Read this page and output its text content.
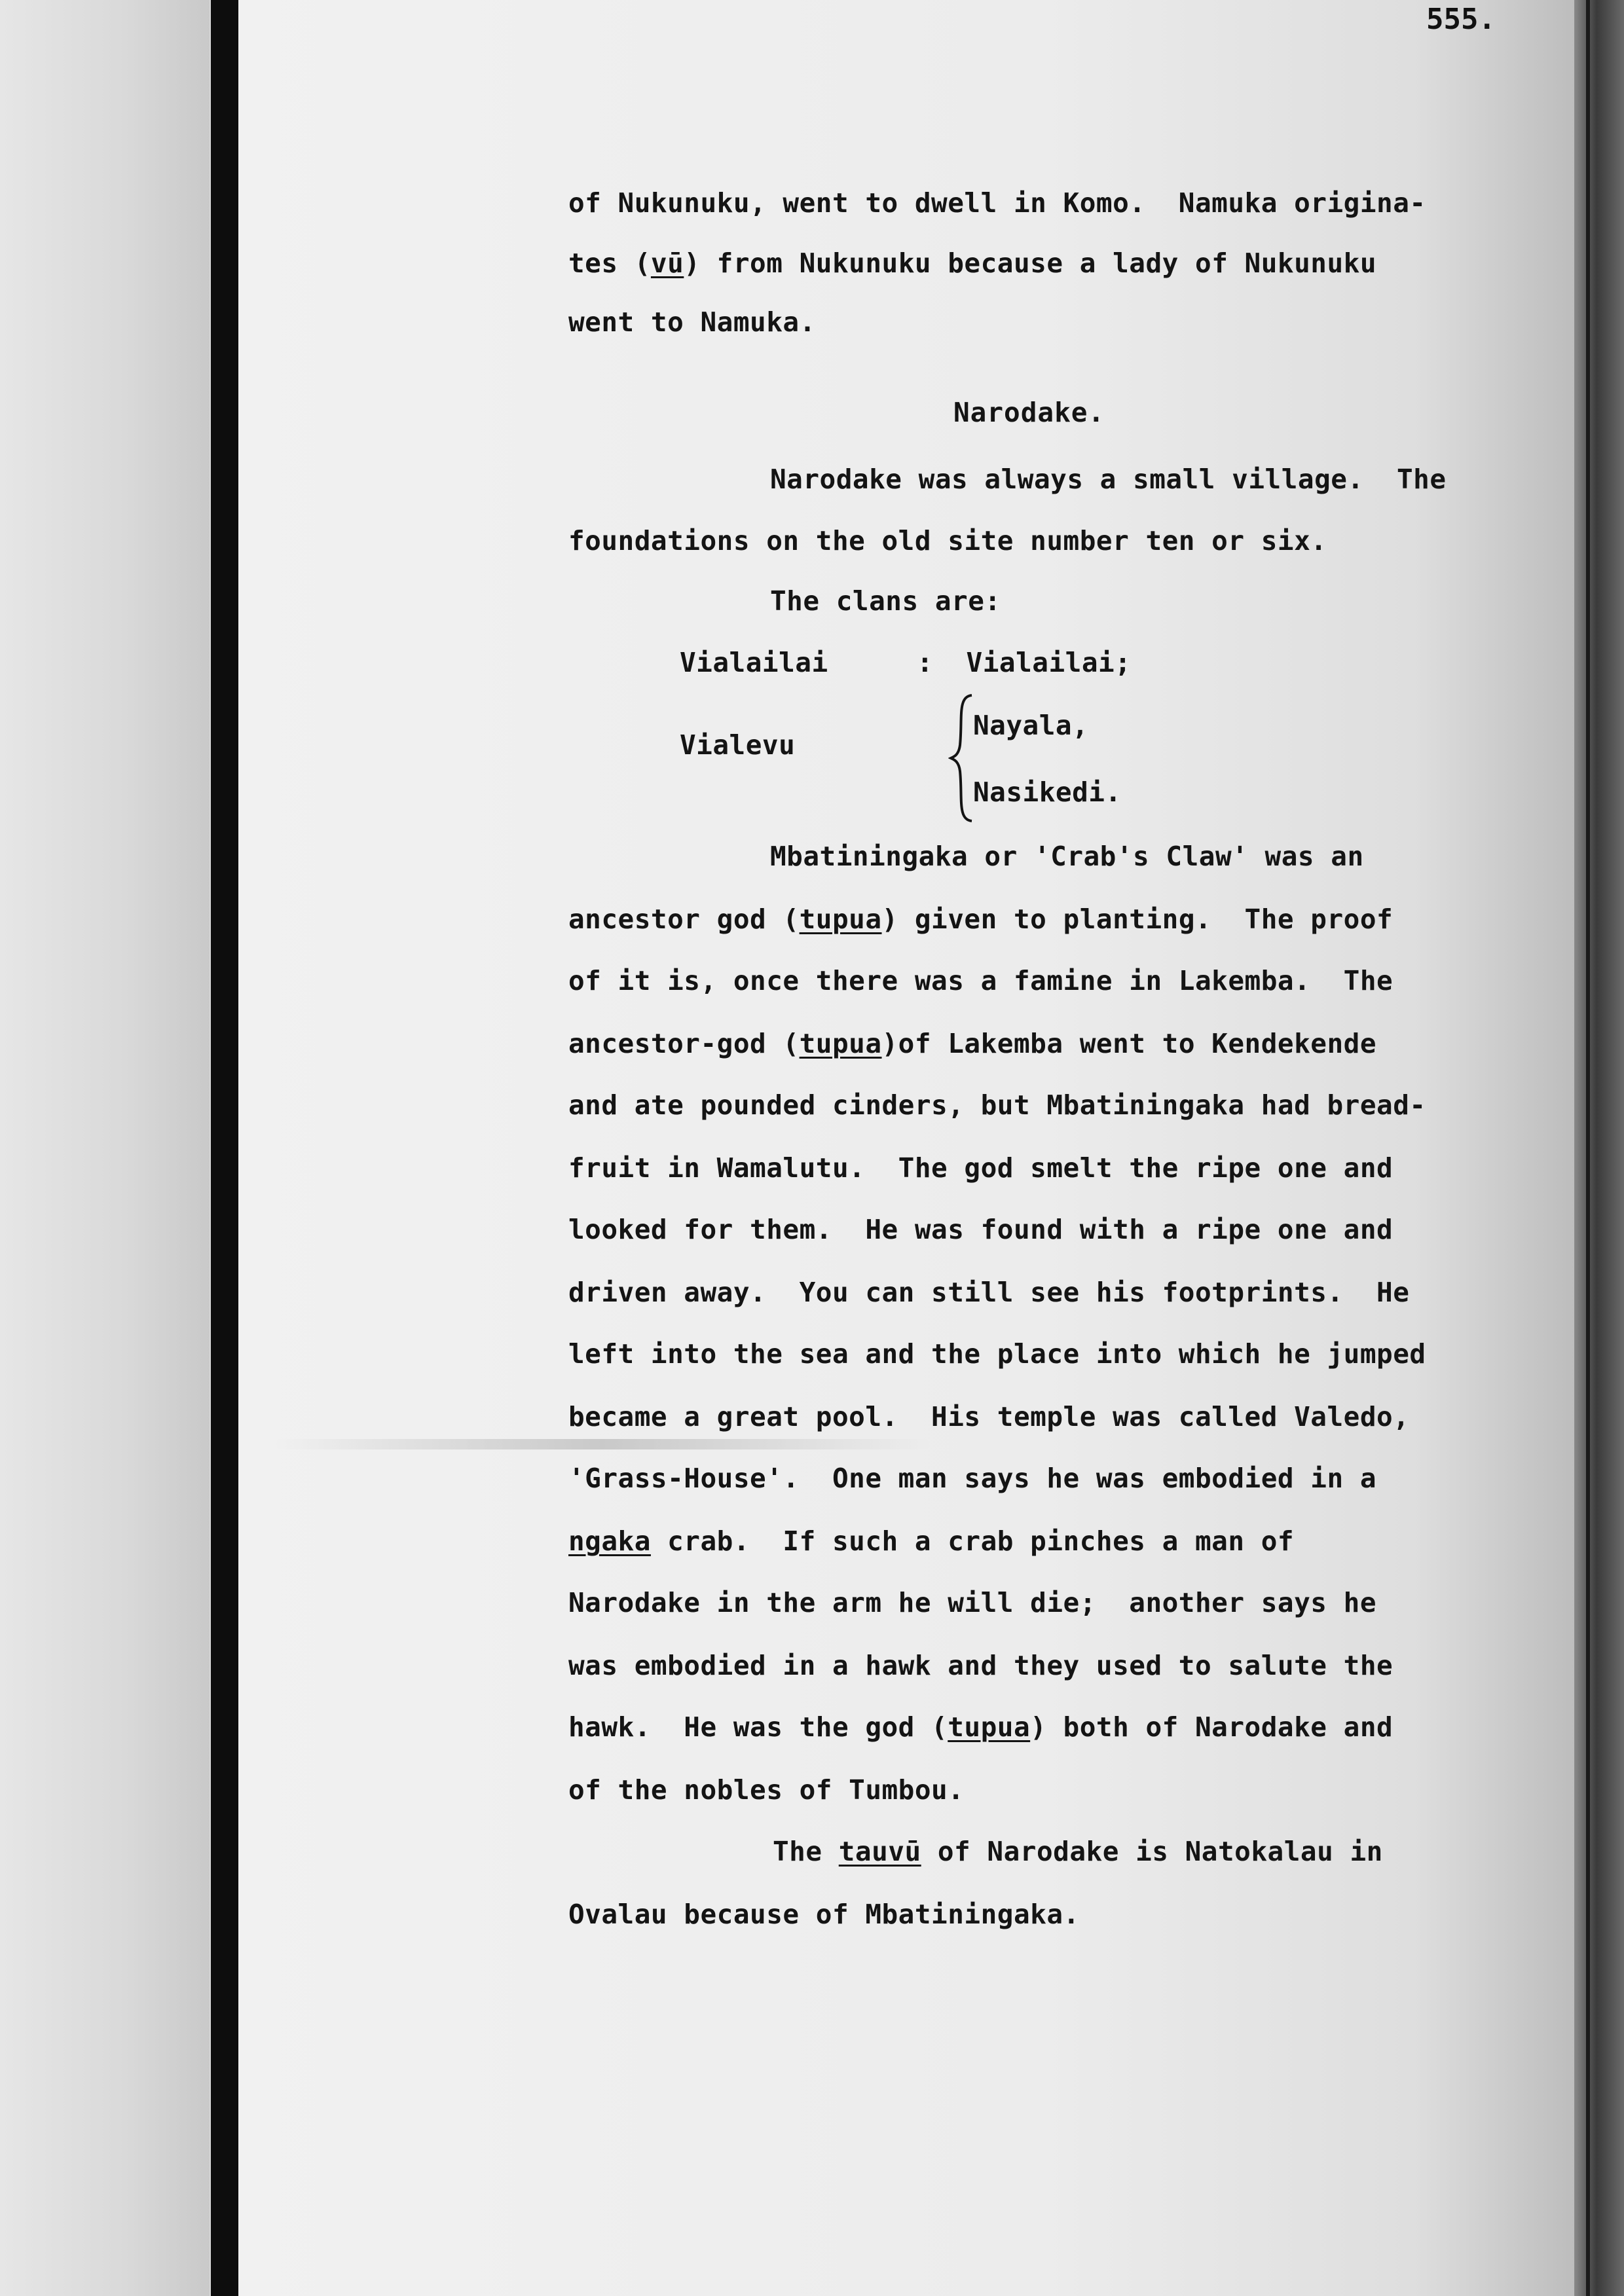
555.
of Nukunuku, went to dwell in Komo.  Namuka origina-
tes (vū) from Nukunuku because a lady of Nukunuku
went to Namuka.
Narodake.
Narodake was always a small village.  The
foundations on the old site number ten or six.
The clans are:
Vialailai	:  Vialailai;
Vialevu
Nayala,
Nasikedi.
Mbatiningaka or 'Crab's Claw' was an
ancestor god (tupua) given to planting.  The proof
of it is, once there was a famine in Lakemba.  The
ancestor-god (tupua)of Lakemba went to Kendekende
and ate pounded cinders, but Mbatiningaka had bread-
fruit in Wamalutu.  The god smelt the ripe one and
looked for them.  He was found with a ripe one and
driven away.  You can still see his footprints.  He
left into the sea and the place into which he jumped
became a great pool.  His temple was called Valedo,
'Grass-House'.  One man says he was embodied in a
ngaka crab.  If such a crab pinches a man of
Narodake in the arm he will die;  another says he
was embodied in a hawk and they used to salute the
hawk.  He was the god (tupua) both of Narodake and
of the nobles of Tumbou.
The tauvū of Narodake is Natokalau in
Ovalau because of Mbatiningaka.
